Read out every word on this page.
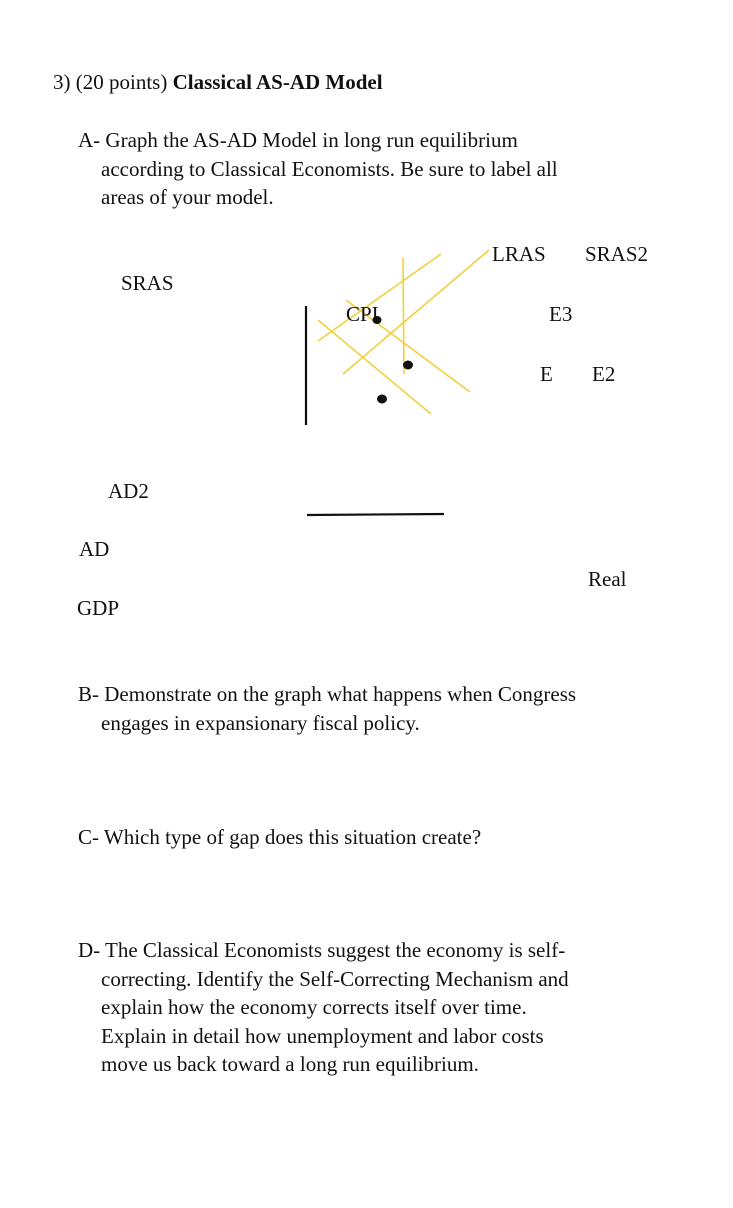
3) (20 points) Classical AS-AD Model
A- Graph the AS-AD Model in long run equilibrium
according to Classical Economists. Be sure to label all
areas of your model.
LRAS SRAS2
SRAS
CPI	E3
E E2
AD2
AD
Real
GDP
B- Demonstrate on the graph what happens when Congress
engages in expansionary fiscal policy.
C- Which type of gap does this situation create?
D- The Classical Economists suggest the economy is self-
correcting. Identify the Self-Correcting Mechanism and
explain how the economy corrects itself over time.
Explain in detail how unemployment and labor costs
move us back toward a long run equilibrium.
